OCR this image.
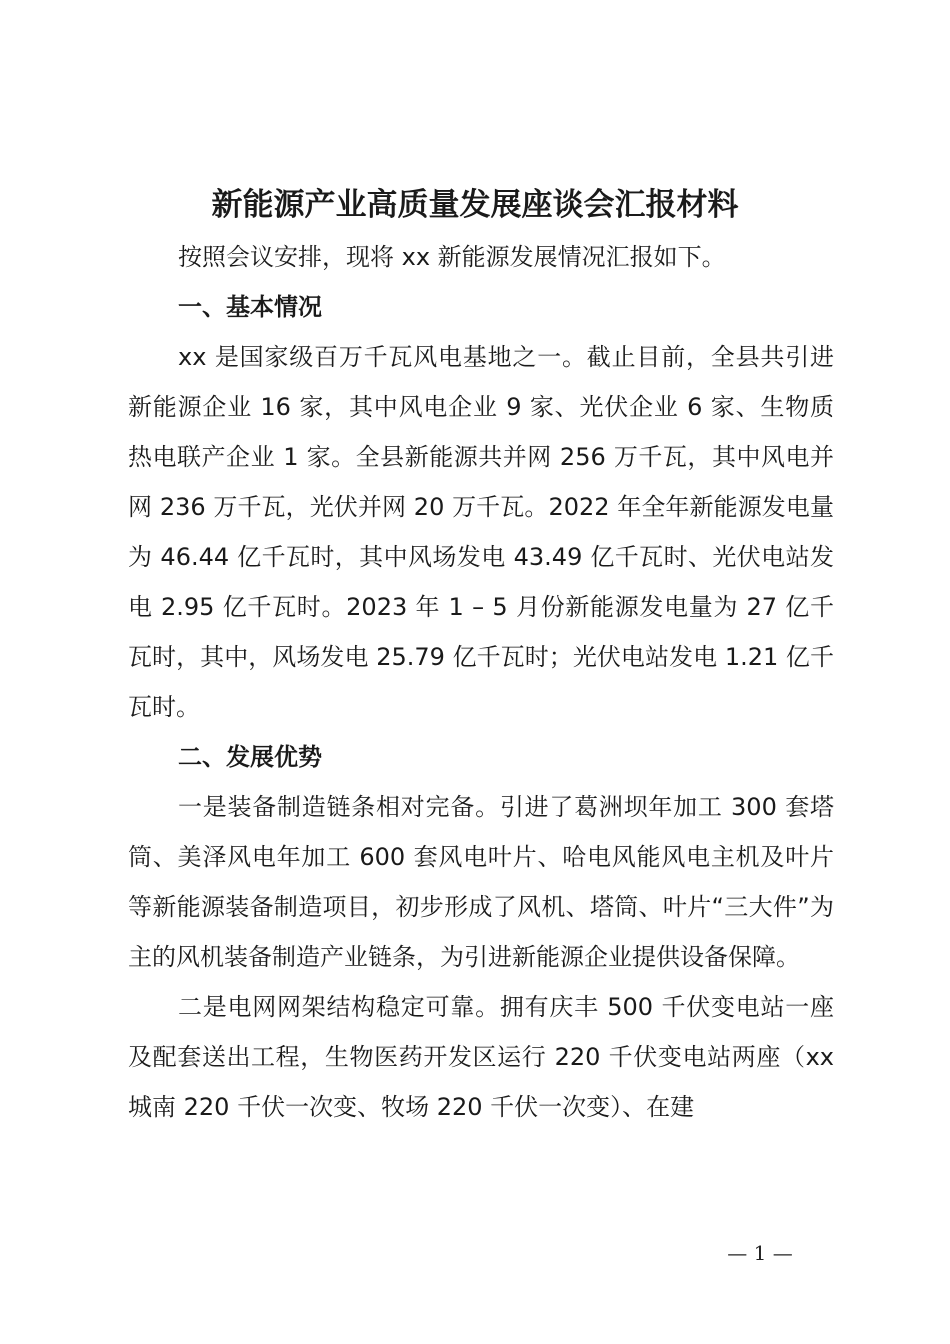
新能源产业高质量发展座谈会汇报材料

按照会议安排，现将 xx 新能源发展情况汇报如下。

一、基本情况

xx 是国家级百万千瓦风电基地之一。截止目前，全县共引进新能源企业 16 家，其中风电企业 9 家、光伏企业 6 家、生物质热电联产企业 1 家。全县新能源共并网 256 万千瓦，其中风电并网 236 万千瓦，光伏并网 20 万千瓦。2022 年全年新能源发电量为 46.44 亿千瓦时，其中风场发电 43.49 亿千瓦时、光伏电站发电 2.95 亿千瓦时。2023 年 1 – 5 月份新能源发电量为 27 亿千瓦时，其中，风场发电 25.79 亿千瓦时；光伏电站发电 1.21 亿千瓦时。

二、发展优势

一是装备制造链条相对完备。引进了葛洲坝年加工 300 套塔筒、美泽风电年加工 600 套风电叶片、哈电风能风电主机及叶片等新能源装备制造项目，初步形成了风机、塔筒、叶片“三大件”为主的风机装备制造产业链条，为引进新能源企业提供设备保障。

二是电网网架结构稳定可靠。拥有庆丰 500 千伏变电站一座及配套送出工程，生物医药开发区运行 220 千伏变电站两座（xx 城南 220 千伏一次变、牧场 220 千伏一次变）、在建

— 1 —
